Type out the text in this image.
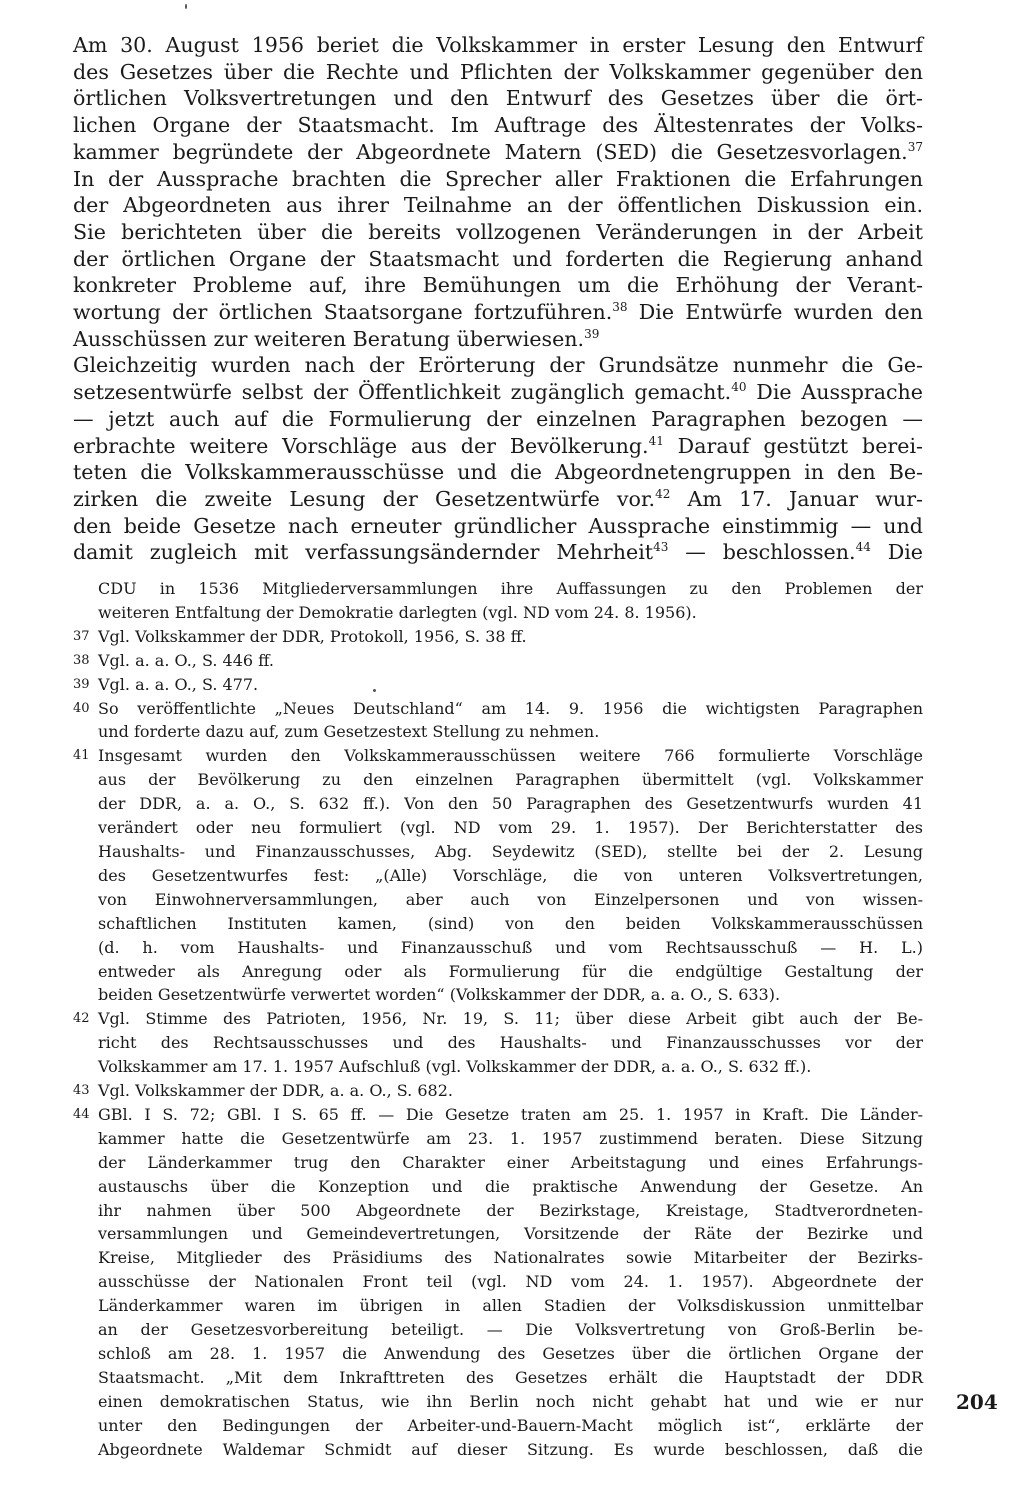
Am 30. August 1956 beriet die Volkskammer in erster Lesung den Entwurf
des Gesetzes über die Rechte und Pflichten der Volkskammer gegenüber den
örtlichen Volksvertretungen und den Entwurf des Gesetzes über die ört-
lichen Organe der Staatsmacht. Im Auftrage des Ältestenrates der Volks-
kammer begründete der Abgeordnete Matern (SED) die Gesetzesvorlagen.$^{37}$
In der Aussprache brachten die Sprecher aller Fraktionen die Erfahrungen
der Abgeordneten aus ihrer Teilnahme an der öffentlichen Diskussion ein.
Sie berichteten über die bereits vollzogenen Veränderungen in der Arbeit
der örtlichen Organe der Staatsmacht und forderten die Regierung anhand
konkreter Probleme auf, ihre Bemühungen um die Erhöhung der Verant-
wortung der örtlichen Staatsorgane fortzuführen.$^{38}$ Die Entwürfe wurden den
Ausschüssen zur weiteren Beratung überwiesen.$^{39}$
Gleichzeitig wurden nach der Erörterung der Grundsätze nunmehr die Ge-
setzesentwürfe selbst der Öffentlichkeit zugänglich gemacht.$^{40}$ Die Aussprache
— jetzt auch auf die Formulierung der einzelnen Paragraphen bezogen —
erbrachte weitere Vorschläge aus der Bevölkerung.$^{41}$ Darauf gestützt berei-
teten die Volkskammerausschüsse und die Abgeordnetengruppen in den Be-
zirken die zweite Lesung der Gesetzentwürfe vor.$^{42}$ Am 17. Januar wur-
den beide Gesetze nach erneuter gründlicher Aussprache einstimmig — und
damit zugleich mit verfassungsändernder Mehrheit$^{43}$ — beschlossen.$^{44}$ Die
CDU in 1536 Mitgliederversammlungen ihre Auffassungen zu den Problemen der
weiteren Entfaltung der Demokratie darlegten (vgl. ND vom 24. 8. 1956).
37 Vgl. Volkskammer der DDR, Protokoll, 1956, S. 38 ff.
38 Vgl. a. a. O., S. 446 ff.
39 Vgl. a. a. O., S. 477.
40 So veröffentlichte „Neues Deutschland“ am 14. 9. 1956 die wichtigsten Paragraphen
und forderte dazu auf, zum Gesetzestext Stellung zu nehmen.
41 Insgesamt wurden den Volkskammerausschüssen weitere 766 formulierte Vorschläge
aus der Bevölkerung zu den einzelnen Paragraphen übermittelt (vgl. Volkskammer
der DDR, a. a. O., S. 632 ff.). Von den 50 Paragraphen des Gesetzentwurfs wurden 41
verändert oder neu formuliert (vgl. ND vom 29. 1. 1957). Der Berichterstatter des
Haushalts- und Finanzausschusses, Abg. Seydewitz (SED), stellte bei der 2. Lesung
des Gesetzentwurfes fest: „(Alle) Vorschläge, die von unteren Volksvertretungen,
von Einwohnerversammlungen, aber auch von Einzelpersonen und von wissen-
schaftlichen Instituten kamen, (sind) von den beiden Volkskammerausschüssen
(d. h. vom Haushalts- und Finanzausschuß und vom Rechtsausschuß — H. L.)
entweder als Anregung oder als Formulierung für die endgültige Gestaltung der
beiden Gesetzentwürfe verwertet worden“ (Volkskammer der DDR, a. a. O., S. 633).
42 Vgl. Stimme des Patrioten, 1956, Nr. 19, S. 11; über diese Arbeit gibt auch der Be-
richt des Rechtsausschusses und des Haushalts- und Finanzausschusses vor der
Volkskammer am 17. 1. 1957 Aufschluß (vgl. Volkskammer der DDR, a. a. O., S. 632 ff.).
43 Vgl. Volkskammer der DDR, a. a. O., S. 682.
44 GBl. I S. 72; GBl. I S. 65 ff. — Die Gesetze traten am 25. 1. 1957 in Kraft. Die Länder-
kammer hatte die Gesetzentwürfe am 23. 1. 1957 zustimmend beraten. Diese Sitzung
der Länderkammer trug den Charakter einer Arbeitstagung und eines Erfahrungs-
austauschs über die Konzeption und die praktische Anwendung der Gesetze. An
ihr nahmen über 500 Abgeordnete der Bezirkstage, Kreistage, Stadtverordneten-
versammlungen und Gemeindevertretungen, Vorsitzende der Räte der Bezirke und
Kreise, Mitglieder des Präsidiums des Nationalrates sowie Mitarbeiter der Bezirks-
ausschüsse der Nationalen Front teil (vgl. ND vom 24. 1. 1957). Abgeordnete der
Länderkammer waren im übrigen in allen Stadien der Volksdiskussion unmittelbar
an der Gesetzesvorbereitung beteiligt. — Die Volksvertretung von Groß-Berlin be-
schloß am 28. 1. 1957 die Anwendung des Gesetzes über die örtlichen Organe der
Staatsmacht. „Mit dem Inkrafttreten des Gesetzes erhält die Hauptstadt der DDR
einen demokratischen Status, wie ihn Berlin noch nicht gehabt hat und wie er nur
unter den Bedingungen der Arbeiter-und-Bauern-Macht möglich ist“, erklärte der
Abgeordnete Waldemar Schmidt auf dieser Sitzung. Es wurde beschlossen, daß die
204
